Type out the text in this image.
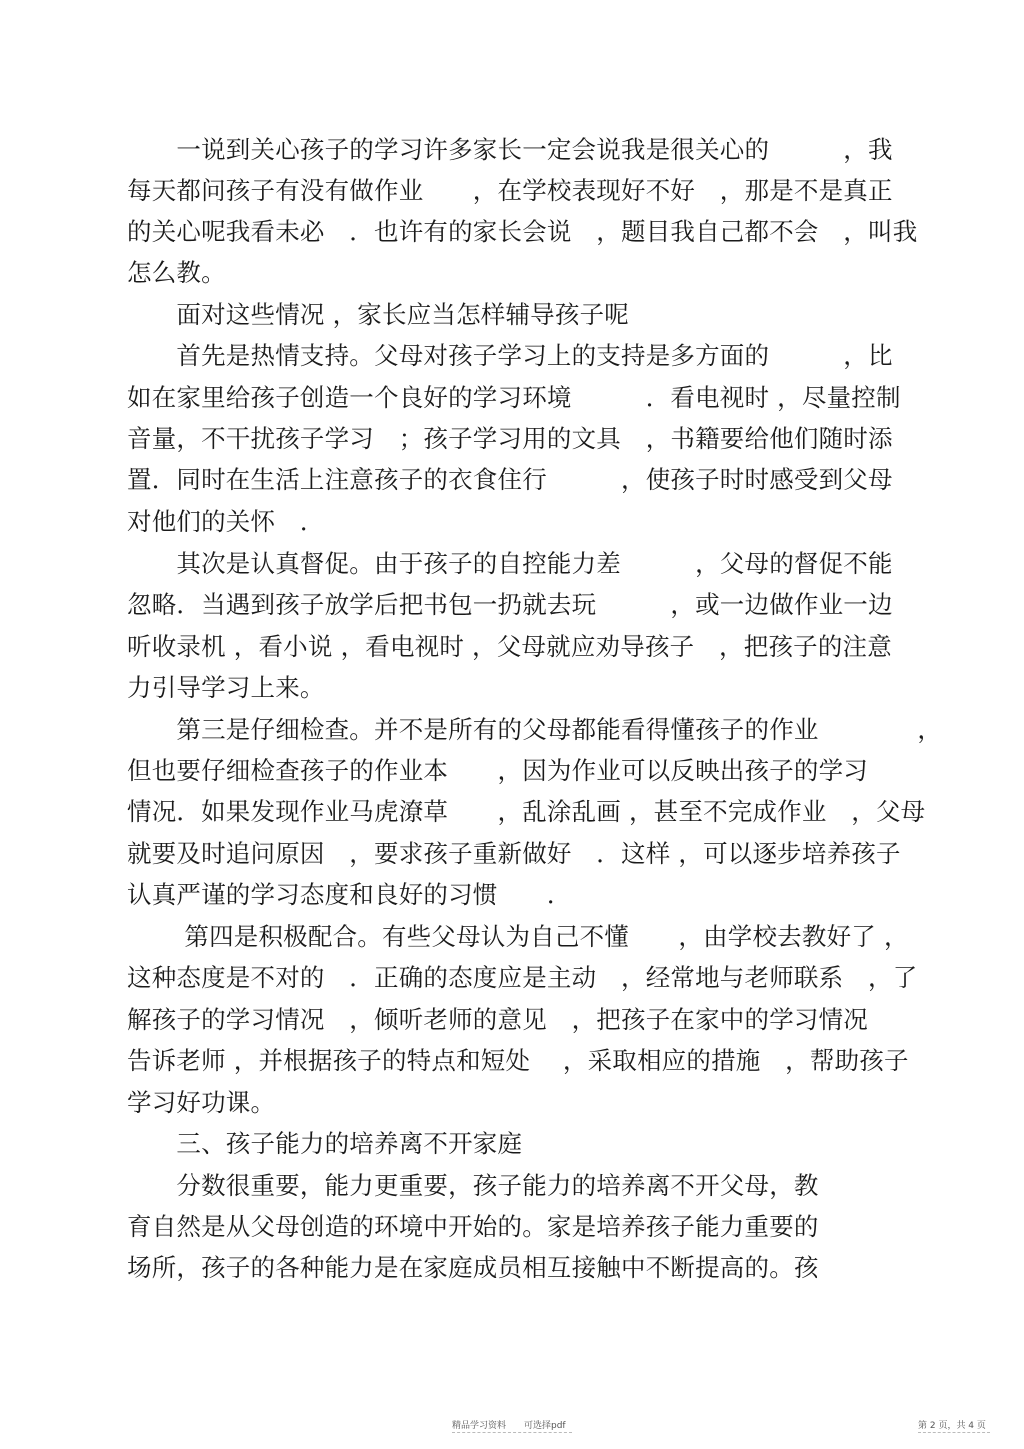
　　一说到关心孩子的学习许多家长一定会说我是很关心的　　　，我
每天都问孩子有没有做作业　　，在学校表现好不好　，那是不是真正
的关心呢我看未必　．也许有的家长会说　，题目我自己都不会　，叫我
怎么教。
　　面对这些情况 ，家长应当怎样辅导孩子呢
　　首先是热情支持。父母对孩子学习上的支持是多方面的　　　，比
如在家里给孩子创造一个良好的学习环境　　　．看电视时 ，尽量控制
音量，不干扰孩子学习　；孩子学习用的文具　，书籍要给他们随时添
置．同时在生活上注意孩子的衣食住行　　　，使孩子时时感受到父母
对他们的关怀　．
　　其次是认真督促。由于孩子的自控能力差　　　，父母的督促不能
忽略．当遇到孩子放学后把书包一扔就去玩　　　，或一边做作业一边
听收录机 ，看小说 ，看电视时 ，父母就应劝导孩子　，把孩子的注意
力引导学习上来。
　　第三是仔细检查。并不是所有的父母都能看得懂孩子的作业　　　　，
但也要仔细检查孩子的作业本　　，因为作业可以反映出孩子的学习
情况．如果发现作业马虎潦草　　，乱涂乱画 ，甚至不完成作业　，父母
就要及时追问原因　，要求孩子重新做好　．这样 ，可以逐步培养孩子
认真严谨的学习态度和良好的习惯　　．
　　 第四是积极配合。有些父母认为自己不懂　　，由学校去教好了 ，
这种态度是不对的　．正确的态度应是主动　，经常地与老师联系　，了
解孩子的学习情况　，倾听老师的意见　，把孩子在家中的学习情况
告诉老师 ，并根据孩子的特点和短处　 ，采取相应的措施　，帮助孩子
学习好功课。
　　三、孩子能力的培养离不开家庭
　　分数很重要，能力更重要，孩子能力的培养离不开父母，教
育自然是从父母创造的环境中开始的。家是培养孩子能力重要的
场所，孩子的各种能力是在家庭成员相互接触中不断提高的。孩
精品学习资料　　可选择pdf	第 2 页，共 4 页
